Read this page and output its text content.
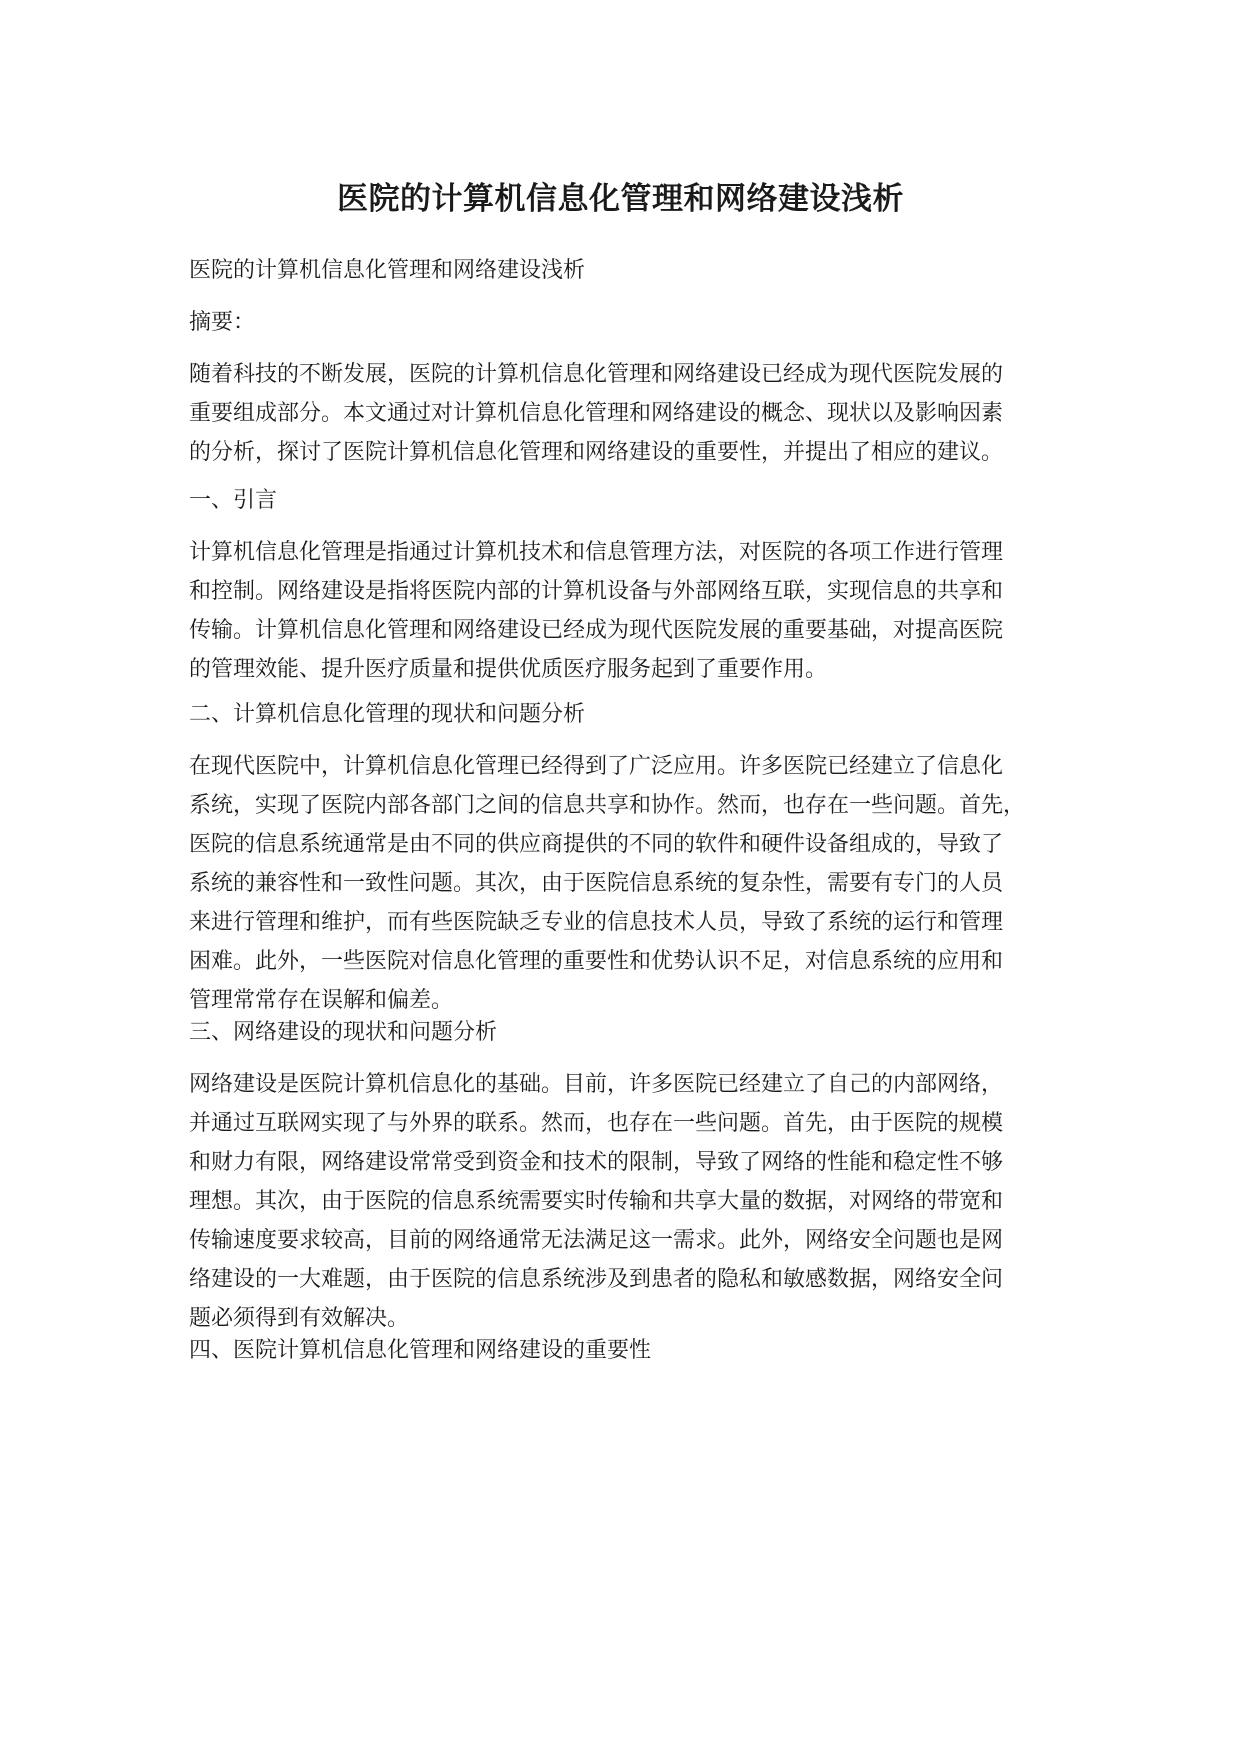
医院的计算机信息化管理和网络建设浅析

医院的计算机信息化管理和网络建设浅析

摘要：

随着科技的不断发展，医院的计算机信息化管理和网络建设已经成为现代医院发展的
重要组成部分。本文通过对计算机信息化管理和网络建设的概念、现状以及影响因素
的分析，探讨了医院计算机信息化管理和网络建设的重要性，并提出了相应的建议。

一、引言

计算机信息化管理是指通过计算机技术和信息管理方法，对医院的各项工作进行管理
和控制。网络建设是指将医院内部的计算机设备与外部网络互联，实现信息的共享和
传输。计算机信息化管理和网络建设已经成为现代医院发展的重要基础，对提高医院
的管理效能、提升医疗质量和提供优质医疗服务起到了重要作用。

二、计算机信息化管理的现状和问题分析

在现代医院中，计算机信息化管理已经得到了广泛应用。许多医院已经建立了信息化
系统，实现了医院内部各部门之间的信息共享和协作。然而，也存在一些问题。首先，
医院的信息系统通常是由不同的供应商提供的不同的软件和硬件设备组成的，导致了
系统的兼容性和一致性问题。其次，由于医院信息系统的复杂性，需要有专门的人员
来进行管理和维护，而有些医院缺乏专业的信息技术人员，导致了系统的运行和管理
困难。此外，一些医院对信息化管理的重要性和优势认识不足，对信息系统的应用和
管理常常存在误解和偏差。

三、网络建设的现状和问题分析

网络建设是医院计算机信息化的基础。目前，许多医院已经建立了自己的内部网络，
并通过互联网实现了与外界的联系。然而，也存在一些问题。首先，由于医院的规模
和财力有限，网络建设常常受到资金和技术的限制，导致了网络的性能和稳定性不够
理想。其次，由于医院的信息系统需要实时传输和共享大量的数据，对网络的带宽和
传输速度要求较高，目前的网络通常无法满足这一需求。此外，网络安全问题也是网
络建设的一大难题，由于医院的信息系统涉及到患者的隐私和敏感数据，网络安全问
题必须得到有效解决。

四、医院计算机信息化管理和网络建设的重要性
